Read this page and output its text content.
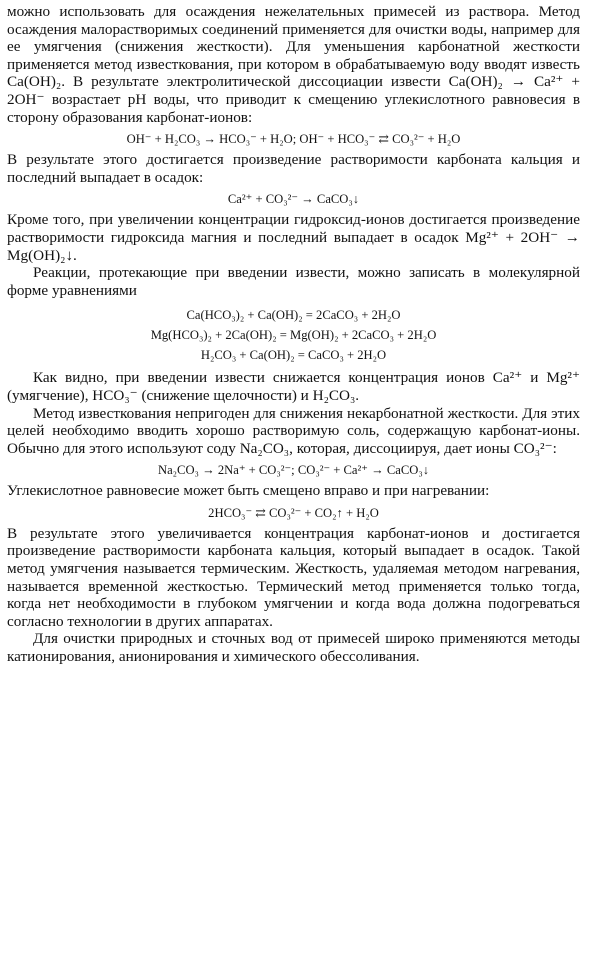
можно использовать для осаждения нежелательных примесей из раствора. Метод осаждения малорастворимых соединений применяется для очистки воды, например для ее умягчения (снижения жесткости). Для уменьшения карбонатной жесткости применяется метод известкования, при котором в обрабатываемую воду вводят известь Ca(OH)₂. В результате электролитической диссоциации извести Ca(OH)₂ → Ca²⁺ + 2OH⁻ возрастает pH воды, что приводит к смещению углекислотного равновесия в сторону образования карбонат-ионов:

OH⁻ + H₂CO₃ → HCO₃⁻ + H₂O; OH⁻ + HCO₃⁻ ⇄ CO₃²⁻ + H₂O

В результате этого достигается произведение растворимости карбоната кальция и последний выпадает в осадок:

Ca²⁺ + CO₃²⁻ → CaCO₃↓

Кроме того, при увеличении концентрации гидроксид-ионов достигается произведение растворимости гидроксида магния и последний выпадает в осадок Mg²⁺ + 2OH⁻ → Mg(OH)₂↓.

Реакции, протекающие при введении извести, можно записать в молекулярной форме уравнениями

Ca(HCO₃)₂ + Ca(OH)₂ = 2CaCO₃ + 2H₂O
Mg(HCO₃)₂ + 2Ca(OH)₂ = Mg(OH)₂ + 2CaCO₃ + 2H₂O
H₂CO₃ + Ca(OH)₂ = CaCO₃ + 2H₂O

Как видно, при введении извести снижается концентрация ионов Ca²⁺ и Mg²⁺ (умягчение), HCO₃⁻ (снижение щелочности) и H₂CO₃.

Метод известкования непригоден для снижения некарбонатной жесткости. Для этих целей необходимо вводить хорошо растворимую соль, содержащую карбонат-ионы. Обычно для этого используют соду Na₂CO₃, которая, диссоциируя, дает ионы CO₃²⁻:

Na₂CO₃ → 2Na⁺ + CO₃²⁻; CO₃²⁻ + Ca²⁺ → CaCO₃↓

Углекислотное равновесие может быть смещено вправо и при нагревании:

2HCO₃⁻ ⇄ CO₃²⁻ + CO₂↑ + H₂O

В результате этого увеличивается концентрация карбонат-ионов и достигается произведение растворимости карбоната кальция, который выпадает в осадок. Такой метод умягчения называется термическим. Жесткость, удаляемая методом нагревания, называется временной жесткостью. Термический метод применяется только тогда, когда нет необходимости в глубоком умягчении и когда вода должна подогреваться согласно технологии в других аппаратах.

Для очистки природных и сточных вод от примесей широко применяются методы катионирования, анионирования и химического обессоливания.
